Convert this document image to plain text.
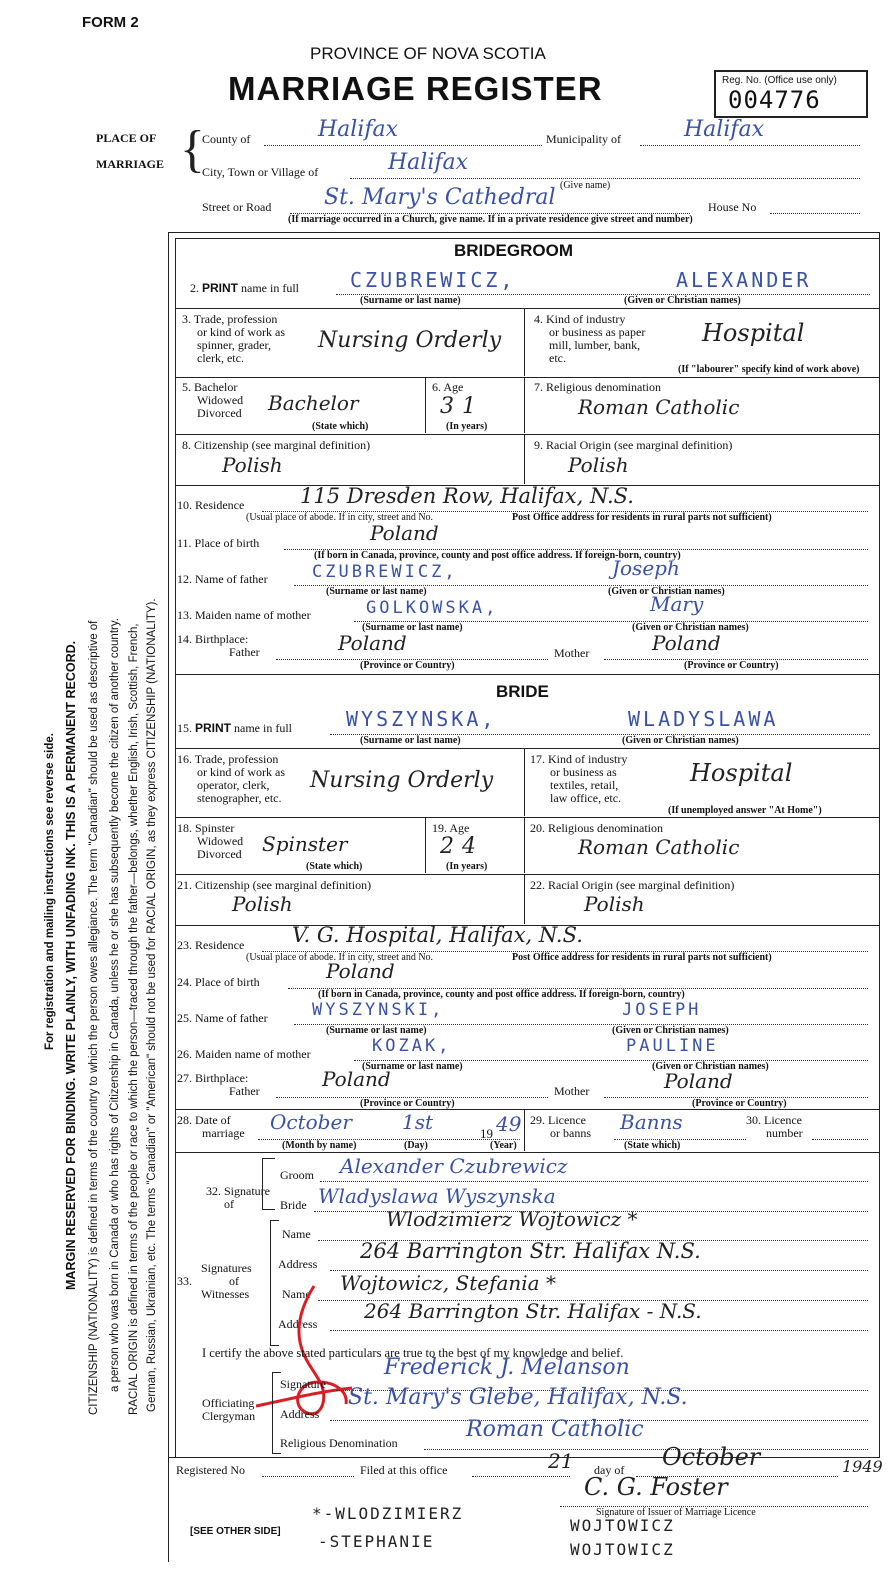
FORM 2
PROVINCE OF NOVA SCOTIA
MARRIAGE REGISTER	Reg. No. (Office use only)
004776
PLACE OF
MARRIAGE {
County of	Halifax	Municipality of	Halifax
City, Town or Village of	Halifax
(Give name)
Street or Road St. Mary's Cathedral	House No
(If marriage occurred in a Church, give name. If in a private residence give street and number)
For registration and mailing instructions see reverse side. MARGIN RESERVED FOR BINDING. WRITE PLAINLY, WITH UNFADING INK. THIS IS A PERMANENT RECORD. CITIZENSHIP (NATIONALITY) is defined in terms of the country to which the person owes allegiance. The term "Canadian" should be used as descriptive of a person who was born in Canada or who has rights of Citizenship in Canada, unless he or she has subsequently become the citizen of another country. RACIAL ORIGIN is defined in terms of the people or race to which the person—traced through the father—belongs, whether English, Irish, Scottish, French, German, Russian, Ukrainian, etc. The terms "Canadian" or "American" should not be used for RACIAL ORIGIN, as they express CITIZENSHIP (NATIONALITY).
BRIDEGROOM
2. PRINT name in full	CZUBREWICZ,	ALEXANDER
(Surname or last name)	(Given or Christian names)
3. Trade, profession
or kind of work as
spinner, grader,
clerk, etc.
Nursing Orderly
4. Kind of industry
or business as paper
mill, lumber, bank,
etc.
Hospital
(If "labourer" specify kind of work above)
5. Bachelor
Widowed
Divorced Bachelor
(State which)
6. Age
31
(In years)
7. Religious denomination
Roman Catholic
8. Citizenship (see marginal definition)
Polish
9. Racial Origin (see marginal definition)
Polish
10. Residence	115 Dresden Row, Halifax, N.S.
(Usual place of abode. If in city, street and No.	Post Office address for residents in rural parts not sufficient)
11. Place of birth	Poland
(If born in Canada, province, county and post office address. If foreign-born, country)
12. Name of father	CZUBREWICZ,	Joseph
(Surname or last name)	(Given or Christian names)
13. Maiden name of mother	GOLKOWSKA,	Mary
(Surname or last name)	(Given or Christian names)
14. Birthplace:
Father	Poland	Mother	Poland
(Province or Country)	(Province or Country)
BRIDE
15. PRINT name in full	WYSZYNSKA,	WLADYSLAWA
(Surname or last name)	(Given or Christian names)
16. Trade, profession
or kind of work as
operator, clerk,
stenographer, etc.
Nursing Orderly
17. Kind of industry
or business as
textiles, retail,
law office, etc.
Hospital
(If unemployed answer "At Home")
18. Spinster
Widowed
Divorced Spinster
(State which)
19. Age
24
(In years)
20. Religious denomination
Roman Catholic
21. Citizenship (see marginal definition)
Polish
22. Racial Origin (see marginal definition)
Polish
23. Residence V. G. Hospital, Halifax, N.S.
(Usual place of abode. If in city, street and No.	Post Office address for residents in rural parts not sufficient)
24. Place of birth	Poland
(If born in Canada, province, county and post office address. If foreign-born, country)
25. Name of father	WYSZYNSKI,	JOSEPH
(Surname or last name)	(Given or Christian names)
26. Maiden name of mother	KOZAK,	PAULINE
(Surname or last name)	(Given or Christian names)
27. Birthplace:
Father	Poland	Mother	Poland
(Province or Country)	(Province or Country)
28. Date of
marriage October	1st	19 49
(Month by name)	(Day)	(Year)
29. Licence
or banns Banns
(State which)
30. Licence
number
32. Signature
of
Groom Alexander Czubrewicz
Bride Wladyslawa Wyszynska
33.
Signatures
of
Witnesses
Name
Wlodzimierz Wojtowicz *
Address
264 Barrington Str. Halifax N.S.
Name Wojtowicz, Stefania *
Address
264 Barrington Str. Halifax - N.S.
I certify the above stated particulars are true to the best of my knowledge and belief.
Officiating
Clergyman
Signature
Frederick J. Melanson
Address
St. Mary's Glebe, Halifax, N.S.
Religious Denomination
Roman Catholic
Registered No	Filed at this office	21 day of October	1949
C. G. Foster
Signature of Issuer of Marriage Licence
[SEE OTHER SIDE]
*-WLODZIMIERZ
-STEPHANIE
WOJTOWICZ
WOJTOWICZ
